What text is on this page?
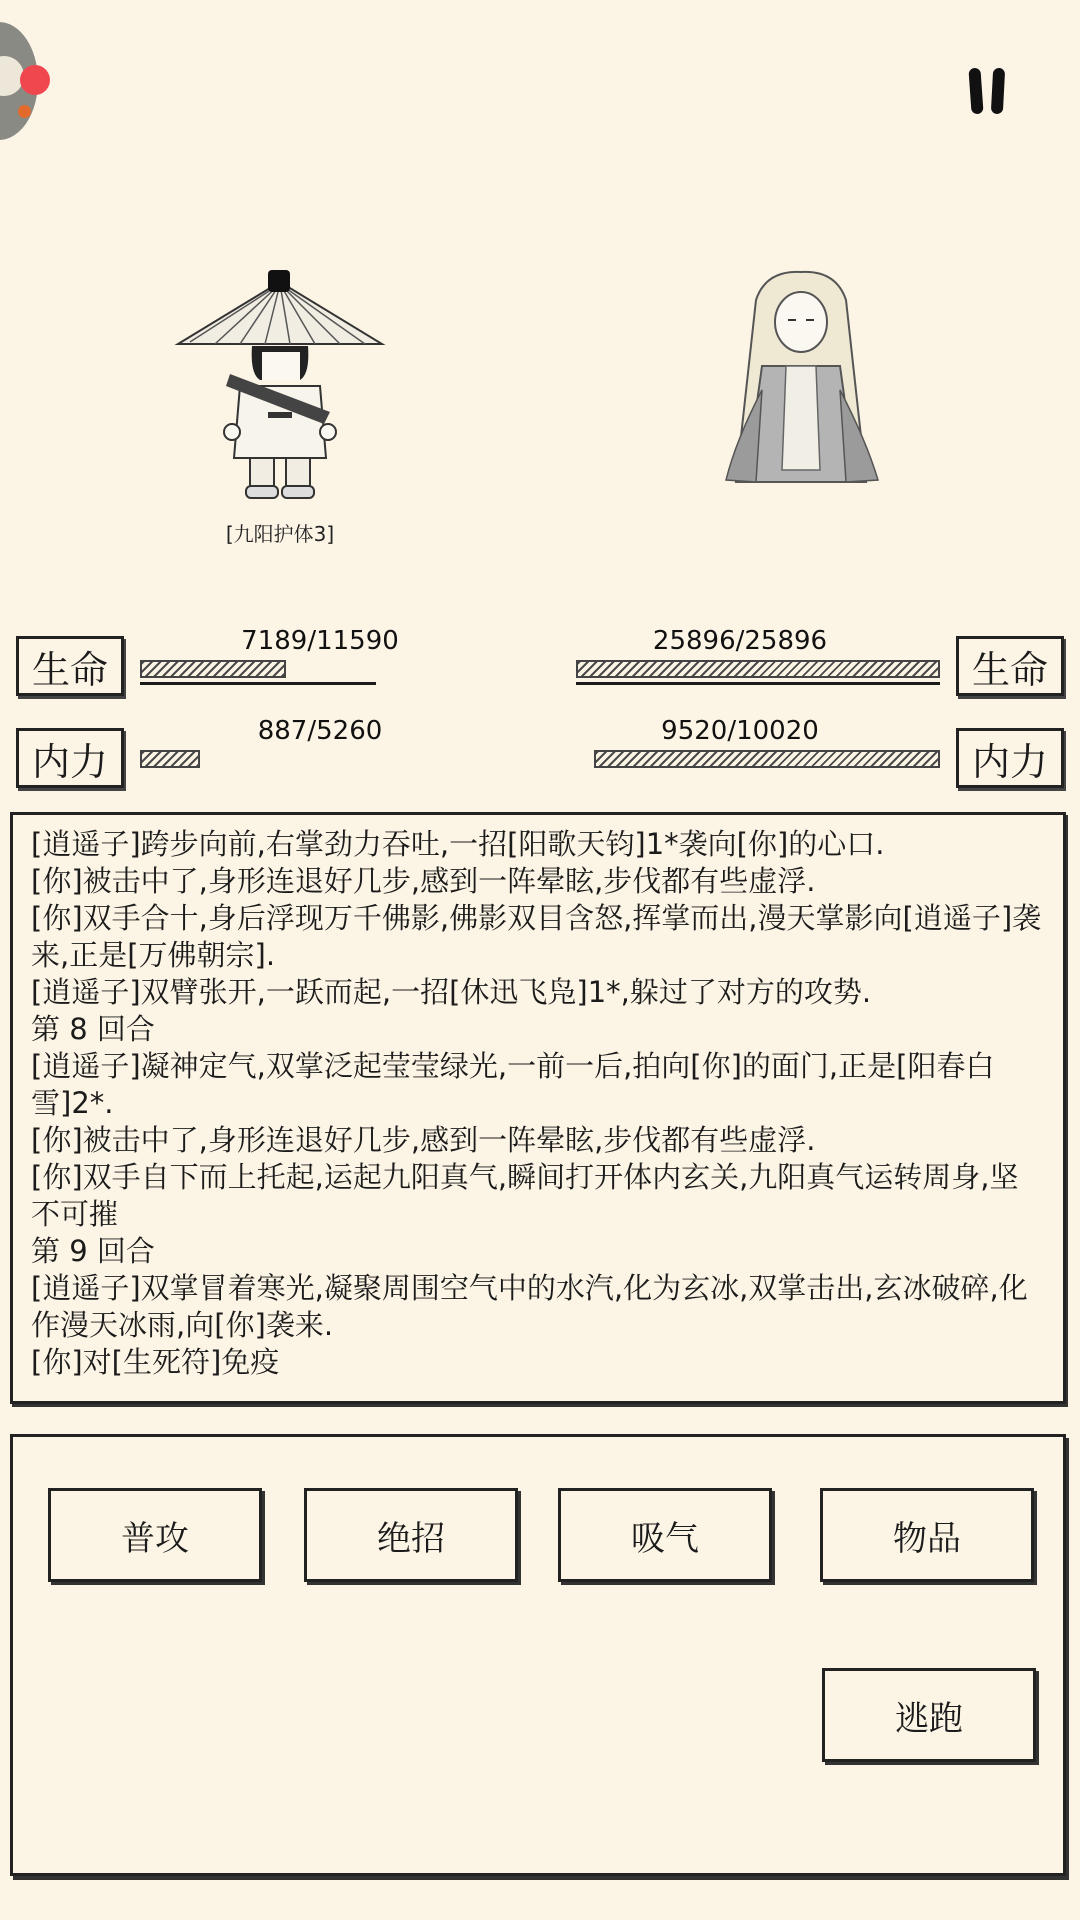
[九阳护体3]
生命
内力
7189/11590
887/5260
生命
内力
25896/25896
9520/10020
[逍遥子]跨步向前,右掌劲力吞吐,一招[阳歌天钧]1*袭向[你]的心口.
[你]被击中了,身形连退好几步,感到一阵晕眩,步伐都有些虚浮.
[你]双手合十,身后浮现万千佛影,佛影双目含怒,挥掌而出,漫天掌影向[逍遥子]袭来,正是[万佛朝宗].
[逍遥子]双臂张开,一跃而起,一招[休迅飞凫]1*,躲过了对方的攻势.
第 8 回合
[逍遥子]凝神定气,双掌泛起莹莹绿光,一前一后,拍向[你]的面门,正是[阳春白雪]2*.
[你]被击中了,身形连退好几步,感到一阵晕眩,步伐都有些虚浮.
[你]双手自下而上托起,运起九阳真气,瞬间打开体内玄关,九阳真气运转周身,坚不可摧
第 9 回合
[逍遥子]双掌冒着寒光,凝聚周围空气中的水汽,化为玄冰,双掌击出,玄冰破碎,化作漫天冰雨,向[你]袭来.
[你]对[生死符]免疫
普攻	绝招	吸气	物品
逃跑
